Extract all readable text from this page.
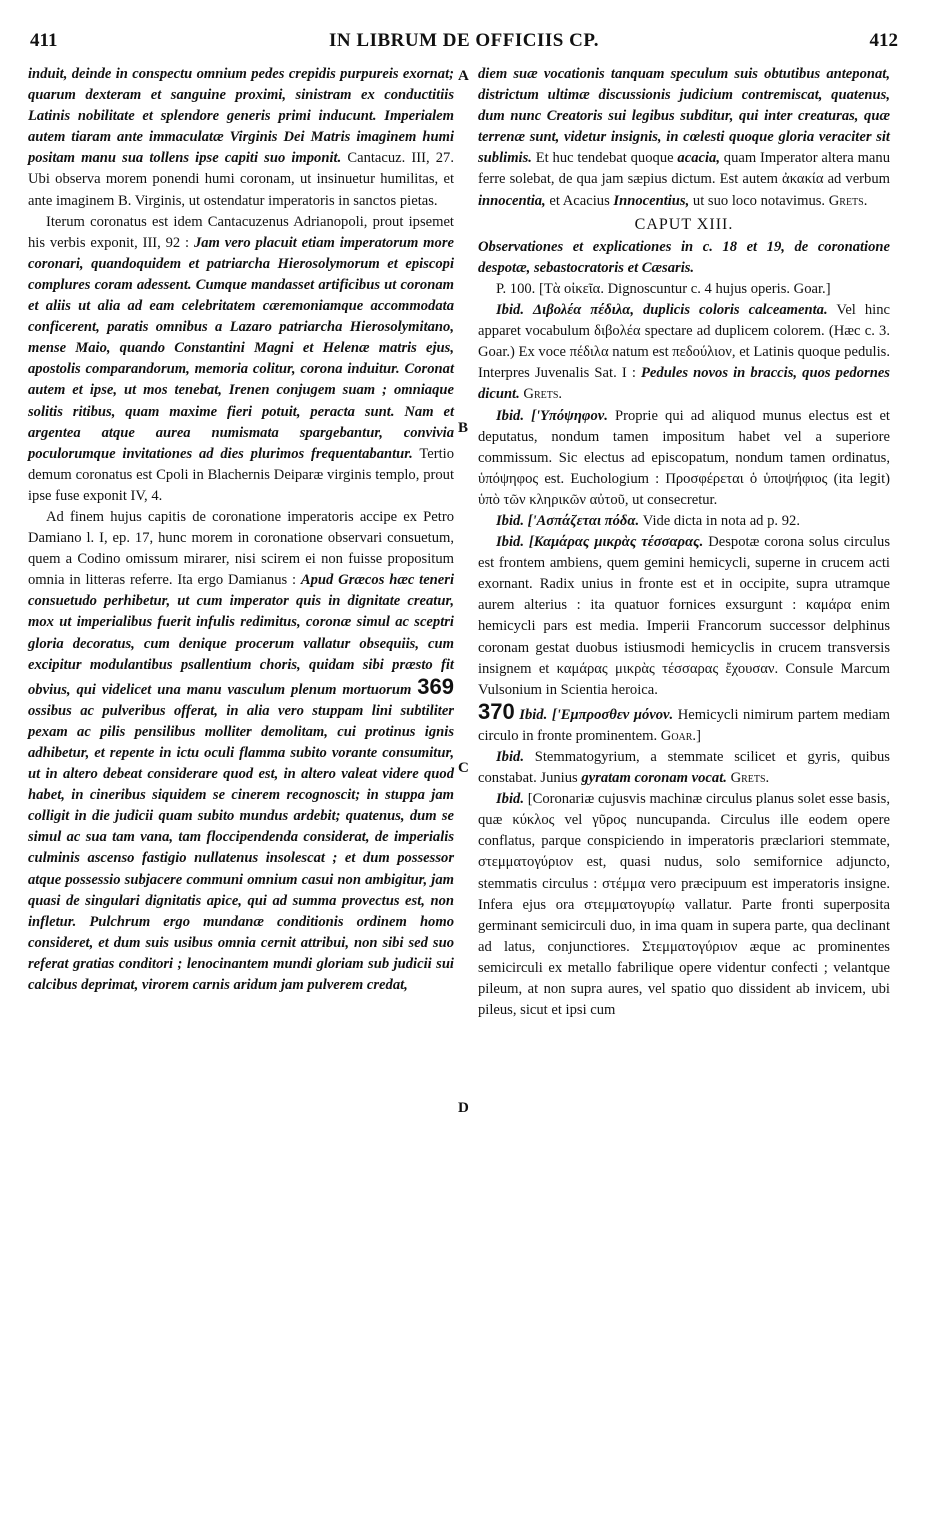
411	IN LIBRUM DE OFFICIIS CP.	412
A
B
C
D

induit, deinde in conspectu omnium pedes crepidis purpureis exornat; quarum dexteram et sanguine proximi, sinistram ex conductitiis Latinis nobilitate et splendore generis primi inducunt. Imperialem autem tiaram ante immaculatæ Virginis Dei Matris imaginem humi positam manu sua tollens ipse capiti suo imponit. Cantacuz. III, 27. Ubi observa morem ponendi humi coronam, ut insinuetur humilitas, et ante imaginem B. Virginis, ut ostendatur imperatoris in sanctos pietas.

Iterum coronatus est idem Cantacuzenus Adrianopoli, prout ipsemet his verbis exponit, III, 92 : Jam vero placuit etiam imperatorum more coronari, quandoquidem et patriarcha Hierosolymorum et episcopi complures coram adessent. Cumque mandasset artificibus ut coronam et aliis ut alia ad eam celebritatem cæremoniamque accommodata conficerent, paratis omnibus a Lazaro patriarcha Hierosolymitano, mense Maio, quando Constantini Magni et Helenæ matris ejus, apostolis comparandorum, memoria colitur, corona induitur. Coronat autem et ipse, ut mos tenebat, Irenen conjugem suam ; omniaque solitis ritibus, quam maxime fieri potuit, peracta sunt. Nam et argentea atque aurea numismata spargebantur, convivia poculorumque invitationes ad dies plurimos frequentabantur. Tertio demum coronatus est Cpoli in Blachernis Deiparæ virginis templo, prout ipse fuse exponit IV, 4.

Ad finem hujus capitis de coronatione imperatoris accipe ex Petro Damiano l. I, ep. 17, hunc morem in coronatione observari consuetum, quem a Codino omissum mirarer, nisi scirem ei non fuisse propositum omnia in litteras referre. Ita ergo Damianus : Apud Græcos hæc teneri consuetudo perhibetur, ut cum imperator quis in dignitate creatur, mox ut imperialibus fuerit infulis redimitus, coronæ simul ac sceptri gloria decoratus, cum denique procerum vallatur obsequiis, cum excipitur modulantibus psallentium choris, quidam sibi præsto fit obvius, qui videlicet una manu vasculum plenum mortuorum 369 ossibus ac pulveribus offerat, in alia vero stuppam lini subtiliter pexam ac pilis pensilibus molliter demolitam, cui protinus ignis adhibetur, et repente in ictu oculi flamma subito vorante consumitur, ut in altero debeat considerare quod est, in altero valeat videre quod habet, in cineribus siquidem se cinerem recognoscit; in stuppa jam colligit in die judicii quam subito mundus ardebit; quatenus, dum se simul ac sua tam vana, tam floccipendenda considerat, de imperialis culminis ascenso fastigio nullatenus insolescat ; et dum possessor atque possessio subjacere communi omnium casui non ambigitur, jam quasi de singulari dignitatis apice, qui ad summa provectus est, non infletur. Pulchrum ergo mundanæ conditionis ordinem homo consideret, et dum suis usibus omnia cernit attribui, non sibi sed suo referat gratias conditori ; lenocinantem mundi gloriam sub judicii sui calcibus deprimat, virorem carnis aridum jam pulverem credat,

diem suæ vocationis tanquam speculum suis obtutibus anteponat, districtum ultimæ discussionis judicium contremiscat, quatenus, dum nunc Creatoris sui legibus subditur, qui inter creaturas, quæ terrenæ sunt, videtur insignis, in cœlesti quoque gloria veraciter sit sublimis. Et huc tendebat quoque acacia, quam Imperator altera manu ferre solebat, de qua jam sæpius dictum. Est autem ἀκακία ad verbum innocentia, et Acacius Innocentius, ut suo loco notavimus. Grets.

CAPUT XIII.

Observationes et explicationes in c. 18 et 19, de coronatione despotæ, sebastocratoris et Cæsaris.

P. 100. [Τὰ οἰκεῖα. Dignoscuntur c. 4 hujus operis. Goar.]

Ibid. Διβολέα πέδιλα, duplicis coloris calceamenta. Vel hinc apparet vocabulum διβολέα spectare ad duplicem colorem. (Hæc c. 3. Goar.) Ex voce πέδιλα natum est πεδούλιον, et Latinis quoque pedulis. Interpres Juvenalis Sat. I : Pedules novos in braccis, quos pedornes dicunt. Grets.

Ibid. ['Υπόψηφον. Proprie qui ad aliquod munus electus est et deputatus, nondum tamen impositum habet vel a superiore commissum. Sic electus ad episcopatum, nondum tamen ordinatus, ὑπόψηφος est. Euchologium : Προσφέρεται ὁ ὑποψήφιος (ita legit) ὑπὸ τῶν κληρικῶν αὐτοῦ, ut consecretur.

Ibid. ['Ασπάζεται πόδα. Vide dicta in nota ad p. 92.

Ibid. [Καμάρας μικρὰς τέσσαρας. Despotæ corona solus circulus est frontem ambiens, quem gemini hemicycli, superne in crucem acti exornant. Radix unius in fronte est et in occipite, supra utramque aurem alterius : ita quatuor fornices exsurgunt : καμάρα enim hemicycli pars est media. Imperii Francorum successor delphinus coronam gestat duobus istiusmodi hemicyclis in crucem transversis insignem et καμάρας μικρὰς τέσσαρας ἔχουσαν. Consule Marcum Vulsonium in Scientia heroica.

370 Ibid. ['Εμπροσθεν μόνον. Hemicycli nimirum partem mediam circulo in fronte prominentem. Goar.]

Ibid. Stemmatogyrium, a stemmate scilicet et gyris, quibus constabat. Junius gyratam coronam vocat. Grets.

Ibid. [Coronariæ cujusvis machinæ circulus planus solet esse basis, quæ κύκλος vel γῦρος nuncupanda. Circulus ille eodem opere conflatus, parque conspiciendo in imperatoris præclariori stemmate, στεμματογύριον est, quasi nudus, solo semifornice adjuncto, stemmatis circulus : στέμμα vero præcipuum est imperatoris insigne. Infera ejus ora στεμματογυρίῳ vallatur. Parte fronti superposita germinant semicirculi duo, in ima quam in supera parte, qua declinant ad latus, conjunctiores. Στεμματογύριον æque ac prominentes semicirculi ex metallo fabrilique opere videntur confecti ; velantque pileum, at non supra aures, vel spatio quo dissident ab invicem, ubi pileus, sicut et ipsi cum
